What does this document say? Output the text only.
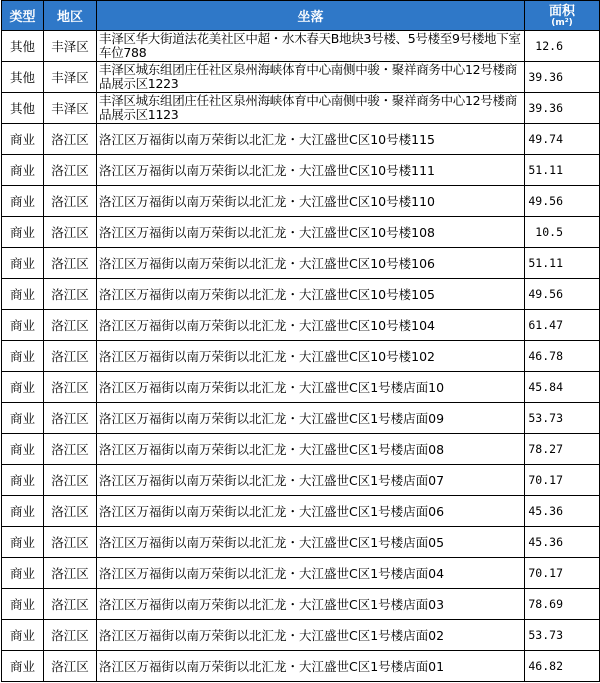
类型	地区	坐落	面积
(m²)

其他	丰泽区	丰泽区华大街道法花美社区中超・水木春天B地块3号楼、5号楼至9号楼地下室车位788	12.6
其他	丰泽区	丰泽区城东组团庄任社区泉州海峡体育中心南侧中骏・聚祥商务中心12号楼商品展示区1223	39.36
其他	丰泽区	丰泽区城东组团庄任社区泉州海峡体育中心南侧中骏・聚祥商务中心12号楼商品展示区1123	39.36
商业	洛江区	洛江区万福街以南万荣街以北汇龙・大江盛世C区10号楼115	49.74
商业	洛江区	洛江区万福街以南万荣街以北汇龙・大江盛世C区10号楼111	51.11
商业	洛江区	洛江区万福街以南万荣街以北汇龙・大江盛世C区10号楼110	49.56
商业	洛江区	洛江区万福街以南万荣街以北汇龙・大江盛世C区10号楼108	10.5
商业	洛江区	洛江区万福街以南万荣街以北汇龙・大江盛世C区10号楼106	51.11
商业	洛江区	洛江区万福街以南万荣街以北汇龙・大江盛世C区10号楼105	49.56
商业	洛江区	洛江区万福街以南万荣街以北汇龙・大江盛世C区10号楼104	61.47
商业	洛江区	洛江区万福街以南万荣街以北汇龙・大江盛世C区10号楼102	46.78
商业	洛江区	洛江区万福街以南万荣街以北汇龙・大江盛世C区1号楼店面10	45.84
商业	洛江区	洛江区万福街以南万荣街以北汇龙・大江盛世C区1号楼店面09	53.73
商业	洛江区	洛江区万福街以南万荣街以北汇龙・大江盛世C区1号楼店面08	78.27
商业	洛江区	洛江区万福街以南万荣街以北汇龙・大江盛世C区1号楼店面07	70.17
商业	洛江区	洛江区万福街以南万荣街以北汇龙・大江盛世C区1号楼店面06	45.36
商业	洛江区	洛江区万福街以南万荣街以北汇龙・大江盛世C区1号楼店面05	45.36
商业	洛江区	洛江区万福街以南万荣街以北汇龙・大江盛世C区1号楼店面04	70.17
商业	洛江区	洛江区万福街以南万荣街以北汇龙・大江盛世C区1号楼店面03	78.69
商业	洛江区	洛江区万福街以南万荣街以北汇龙・大江盛世C区1号楼店面02	53.73
商业	洛江区	洛江区万福街以南万荣街以北汇龙・大江盛世C区1号楼店面01	46.82
